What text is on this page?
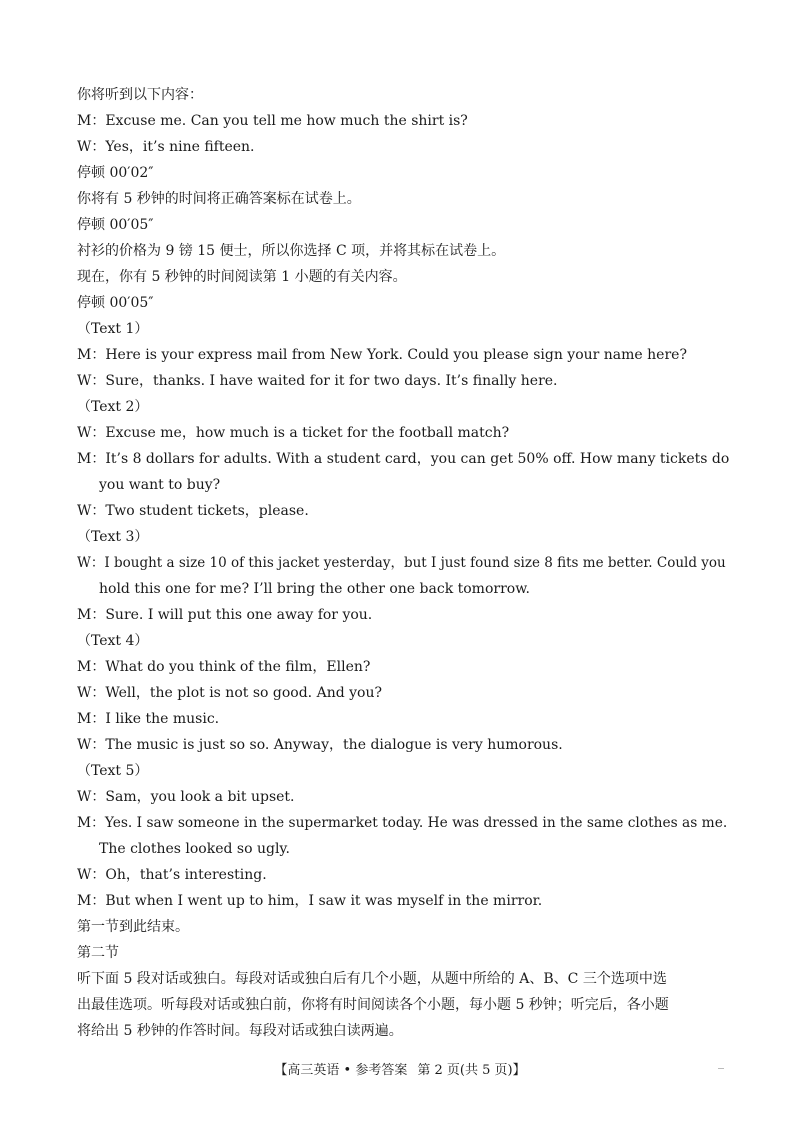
你将听到以下内容：
M：Excuse me. Can you tell me how much the shirt is?
W：Yes，it’s nine fifteen.
停顿 00′02″
你将有 5 秒钟的时间将正确答案标在试卷上。
停顿 00′05″
衬衫的价格为 9 镑 15 便士，所以你选择 C 项，并将其标在试卷上。
现在，你有 5 秒钟的时间阅读第 1 小题的有关内容。
停顿 00′05″
（Text 1）
M：Here is your express mail from New York. Could you please sign your name here?
W：Sure，thanks. I have waited for it for two days. It’s finally here.
（Text 2）
W：Excuse me，how much is a ticket for the football match?
M：It’s 8 dollars for adults. With a student card，you can get 50% off. How many tickets do
you want to buy?
W：Two student tickets，please.
（Text 3）
W：I bought a size 10 of this jacket yesterday，but I just found size 8 fits me better. Could you
hold this one for me? I’ll bring the other one back tomorrow.
M：Sure. I will put this one away for you.
（Text 4）
M：What do you think of the film，Ellen?
W：Well，the plot is not so good. And you?
M：I like the music.
W：The music is just so so. Anyway，the dialogue is very humorous.
（Text 5）
W：Sam，you look a bit upset.
M：Yes. I saw someone in the supermarket today. He was dressed in the same clothes as me.
The clothes looked so ugly.
W：Oh，that’s interesting.
M：But when I went up to him，I saw it was myself in the mirror.
第一节到此结束。
第二节
听下面 5 段对话或独白。每段对话或独白后有几个小题，从题中所给的 A、B、C 三个选项中选
出最佳选项。听每段对话或独白前，你将有时间阅读各个小题，每小题 5 秒钟；听完后，各小题
将给出 5 秒钟的作答时间。每段对话或独白读两遍。
【高三英语 • 参考答案 第 2 页(共 5 页)】
